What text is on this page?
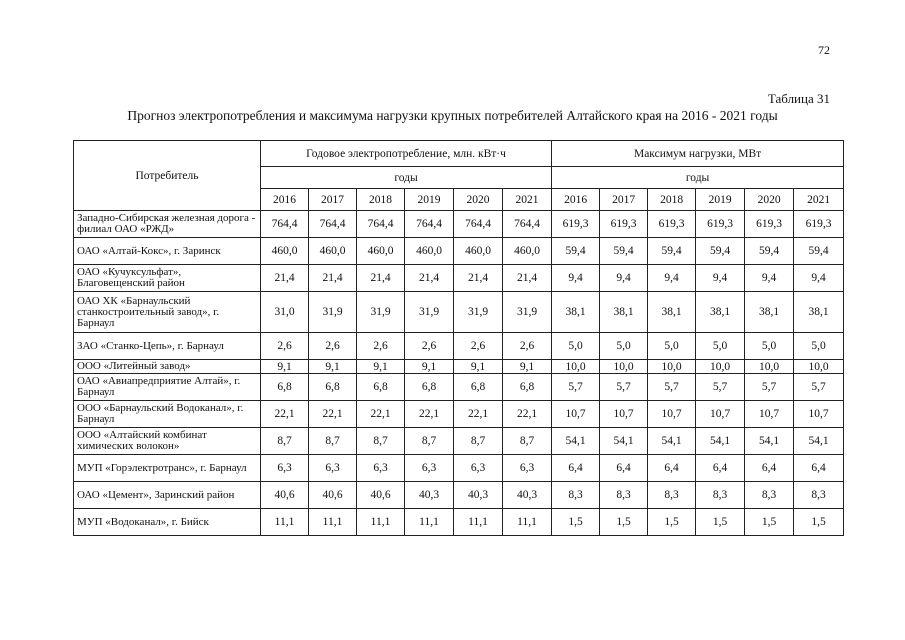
72
Таблица 31
Прогноз электропотребления и максимума нагрузки крупных потребителей Алтайского края на 2016 - 2021 годы
Потребитель	Годовое электропотребление, млн. кВт·ч						Максимум нагрузки, МВт					
	годы						годы					
	2016	2017	2018	2019	2020	2021	2016	2017	2018	2019	2020	2021
Западно-Сибирская железная дорога - филиал ОАО «РЖД»	764,4	764,4	764,4	764,4	764,4	764,4	619,3	619,3	619,3	619,3	619,3	619,3
ОАО «Алтай-Кокс», г. Заринск	460,0	460,0	460,0	460,0	460,0	460,0	59,4	59,4	59,4	59,4	59,4	59,4
ОАО «Кучуксульфат», Благовещенский район	21,4	21,4	21,4	21,4	21,4	21,4	9,4	9,4	9,4	9,4	9,4	9,4
ОАО ХК «Барнаульский станкостроительный завод», г. Барнаул	31,0	31,9	31,9	31,9	31,9	31,9	38,1	38,1	38,1	38,1	38,1	38,1
ЗАО «Станко-Цепь», г. Барнаул	2,6	2,6	2,6	2,6	2,6	2,6	5,0	5,0	5,0	5,0	5,0	5,0
ООО «Литейный завод»	9,1	9,1	9,1	9,1	9,1	9,1	10,0	10,0	10,0	10,0	10,0	10,0
ОАО «Авиапредприятие Алтай», г. Барнаул	6,8	6,8	6,8	6,8	6,8	6,8	5,7	5,7	5,7	5,7	5,7	5,7
ООО «Барнаульский Водоканал», г. Барнаул	22,1	22,1	22,1	22,1	22,1	22,1	10,7	10,7	10,7	10,7	10,7	10,7
ООО «Алтайский комбинат химических волокон»	8,7	8,7	8,7	8,7	8,7	8,7	54,1	54,1	54,1	54,1	54,1	54,1
МУП «Горэлектротранс», г. Барнаул	6,3	6,3	6,3	6,3	6,3	6,3	6,4	6,4	6,4	6,4	6,4	6,4
ОАО «Цемент», Заринский район	40,6	40,6	40,6	40,3	40,3	40,3	8,3	8,3	8,3	8,3	8,3	8,3
МУП «Водоканал», г. Бийск	11,1	11,1	11,1	11,1	11,1	11,1	1,5	1,5	1,5	1,5	1,5	1,5
